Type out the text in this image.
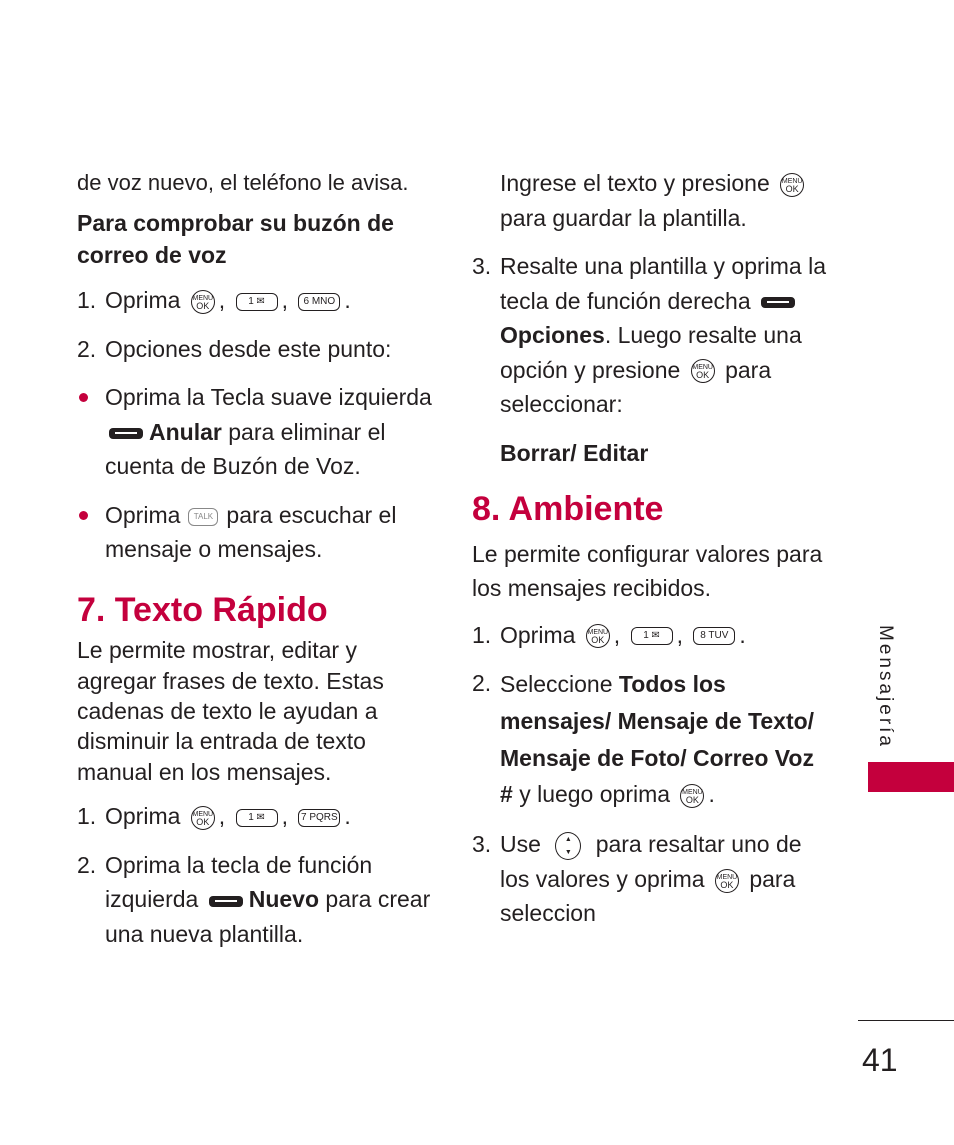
de voz nuevo, el teléfono le avisa.

Para comprobar su buzón de correo de voz

1. Oprima MENU
OK , 1 ✉ , 6 MNO .
2. Opciones desde este punto:
Oprima la Tecla suave izquierda Anular para eliminar el cuenta de Buzón de Voz.
Oprima TALK para escuchar el mensaje o mensajes.
7. Texto Rápido

Le permite mostrar, editar y agregar frases de texto. Estas cadenas de texto le ayudan a disminuir la entrada de texto manual en los mensajes.

1. Oprima MENU
OK , 1 ✉ , 7 PQRS .
2. Oprima la tecla de función izquierda Nuevo para crear una nueva plantilla.

Ingrese el texto y presione MENU
OK
para guardar la plantilla.

3. Resalte una plantilla y oprima la tecla de función derecha Opciones. Luego resalte una opción y presione MENU
OK para seleccionar:

Borrar/ Editar

8. Ambiente

Le permite configurar valores para los mensajes recibidos.

1. Oprima MENU
OK , 1 ✉ , 8 TUV .
2. Seleccione Todos los mensajes/ Mensaje de Texto/ Mensaje de Foto/ Correo Voz # y luego oprima MENU
OK .
3. Use	▲
▼	para resaltar uno de los valores y oprima MENU
OK para seleccion
Mensajería
41
